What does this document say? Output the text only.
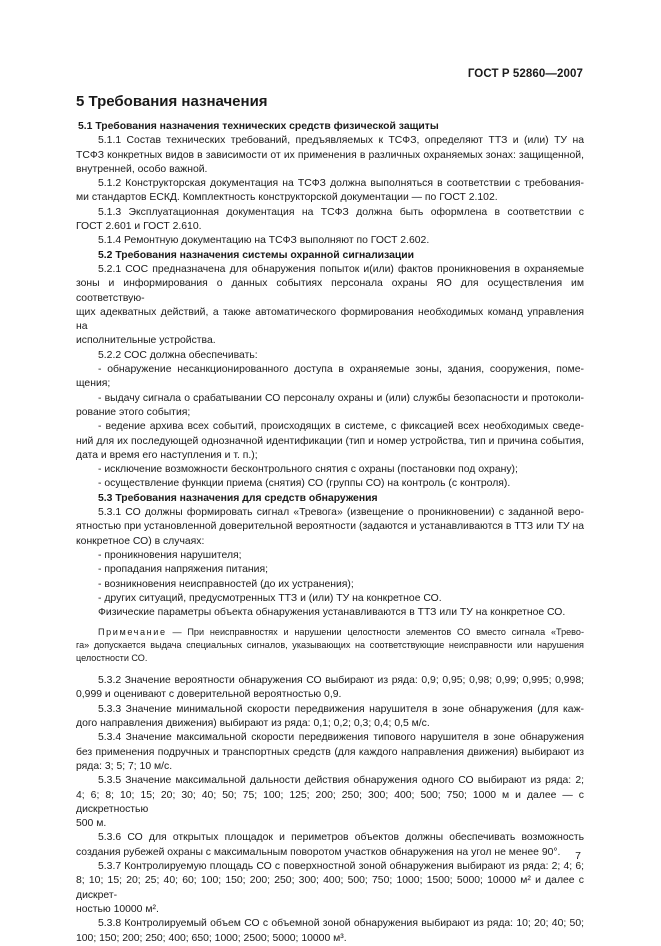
ГОСТ Р 52860—2007
5 Требования назначения
5.1 Требования назначения технических средств физической защиты
5.1.1 Состав технических требований, предъявляемых к ТСФЗ, определяют ТТЗ и (или) ТУ на
ТСФЗ конкретных видов в зависимости от их применения в различных охраняемых зонах: защищенной,
внутренней, особо важной.
5.1.2 Конструкторская документация на ТСФЗ должна выполняться в соответствии с требования-
ми стандартов ЕСКД. Комплектность конструкторской документации — по ГОСТ 2.102.
5.1.3 Эксплуатационная документация на ТСФЗ должна быть оформлена в соответствии с
ГОСТ 2.601 и ГОСТ 2.610.
5.1.4 Ремонтную документацию на ТСФЗ выполняют по ГОСТ 2.602.
5.2 Требования назначения системы охранной сигнализации
5.2.1 СОС предназначена для обнаружения попыток и(или) фактов проникновения в охраняемые
зоны и информирования о данных событиях персонала охраны ЯО для осуществления им соответствую-
щих адекватных действий, а также автоматического формирования необходимых команд управления на
исполнительные устройства.
5.2.2 СОС должна обеспечивать:
- обнаружение несанкционированного доступа в охраняемые зоны, здания, сооружения, поме-
щения;
- выдачу сигнала о срабатывании СО персоналу охраны и (или) службы безопасности и протоколи-
рование этого события;
- ведение архива всех событий, происходящих в системе, с фиксацией всех необходимых сведе-
ний для их последующей однозначной идентификации (тип и номер устройства, тип и причина события,
дата и время его наступления и т. п.);
- исключение возможности бесконтрольного снятия с охраны (постановки под охрану);
- осуществление функции приема (снятия) СО (группы СО) на контроль (с контроля).
5.3 Требования назначения для средств обнаружения
5.3.1 СО должны формировать сигнал «Тревога» (извещение о проникновении) с заданной веро-
ятностью при установленной доверительной вероятности (задаются и устанавливаются в ТТЗ или ТУ на
конкретное СО) в случаях:
- проникновения нарушителя;
- пропадания напряжения питания;
- возникновения неисправностей (до их устранения);
- других ситуаций, предусмотренных ТТЗ и (или) ТУ на конкретное СО.
Физические параметры объекта обнаружения устанавливаются в ТТЗ или ТУ на конкретное СО.
Примечание — При неисправностях и нарушении целостности элементов СО вместо сигнала «Трево-
га» допускается выдача специальных сигналов, указывающих на соответствующие неисправности или нарушения
целостности СО.
5.3.2 Значение вероятности обнаружения СО выбирают из ряда: 0,9; 0,95; 0,98; 0,99; 0,995; 0,998;
0,999 и оценивают с доверительной вероятностью 0,9.
5.3.3 Значение минимальной скорости передвижения нарушителя в зоне обнаружения (для каж-
дого направления движения) выбирают из ряда: 0,1; 0,2; 0,3; 0,4; 0,5 м/с.
5.3.4 Значение максимальной скорости передвижения типового нарушителя в зоне обнаружения
без применения подручных и транспортных средств (для каждого направления движения) выбирают из
ряда: 3; 5; 7; 10 м/с.
5.3.5 Значение максимальной дальности действия обнаружения одного СО выбирают из ряда: 2;
4; 6; 8; 10; 15; 20; 30; 40; 50; 75; 100; 125; 200; 250; 300; 400; 500; 750; 1000 м и далее — с дискретностью
500 м.
5.3.6 СО для открытых площадок и периметров объектов должны обеспечивать возможность
создания рубежей охраны с максимальным поворотом участков обнаружения на угол не менее 90°.
5.3.7 Контролируемую площадь СО с поверхностной зоной обнаружения выбирают из ряда: 2; 4; 6;
8; 10; 15; 20; 25; 40; 60; 100; 150; 200; 250; 300; 400; 500; 750; 1000; 1500; 5000; 10000 м² и далее с дискрет-
ностью 10000 м².
5.3.8 Контролируемый объем СО с объемной зоной обнаружения выбирают из ряда: 10; 20; 40; 50;
100; 150; 200; 250; 400; 650; 1000; 2500; 5000; 10000 м³.
7
